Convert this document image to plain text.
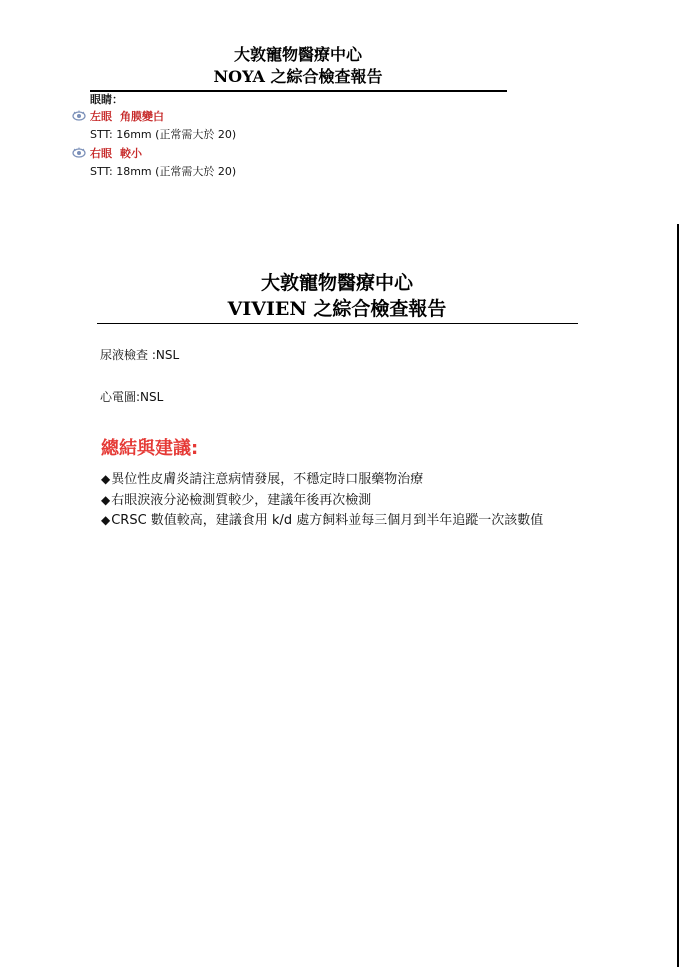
大敦寵物醫療中心
NOYA 之綜合檢查報告
眼睛：
左眼 角膜變白
STT: 16mm (正常需大於 20)
右眼 較小
STT: 18mm (正常需大於 20)
大敦寵物醫療中心
VIVIEN 之綜合檢查報告
尿液檢查 :NSL
心電圖:NSL
總結與建議:
◆異位性皮膚炎請注意病情發展，不穩定時口服藥物治療
◆右眼淚液分泌檢測質較少，建議年後再次檢測
◆CRSC 數值較高，建議食用 k/d 處方飼料並每三個月到半年追蹤一次該數值
